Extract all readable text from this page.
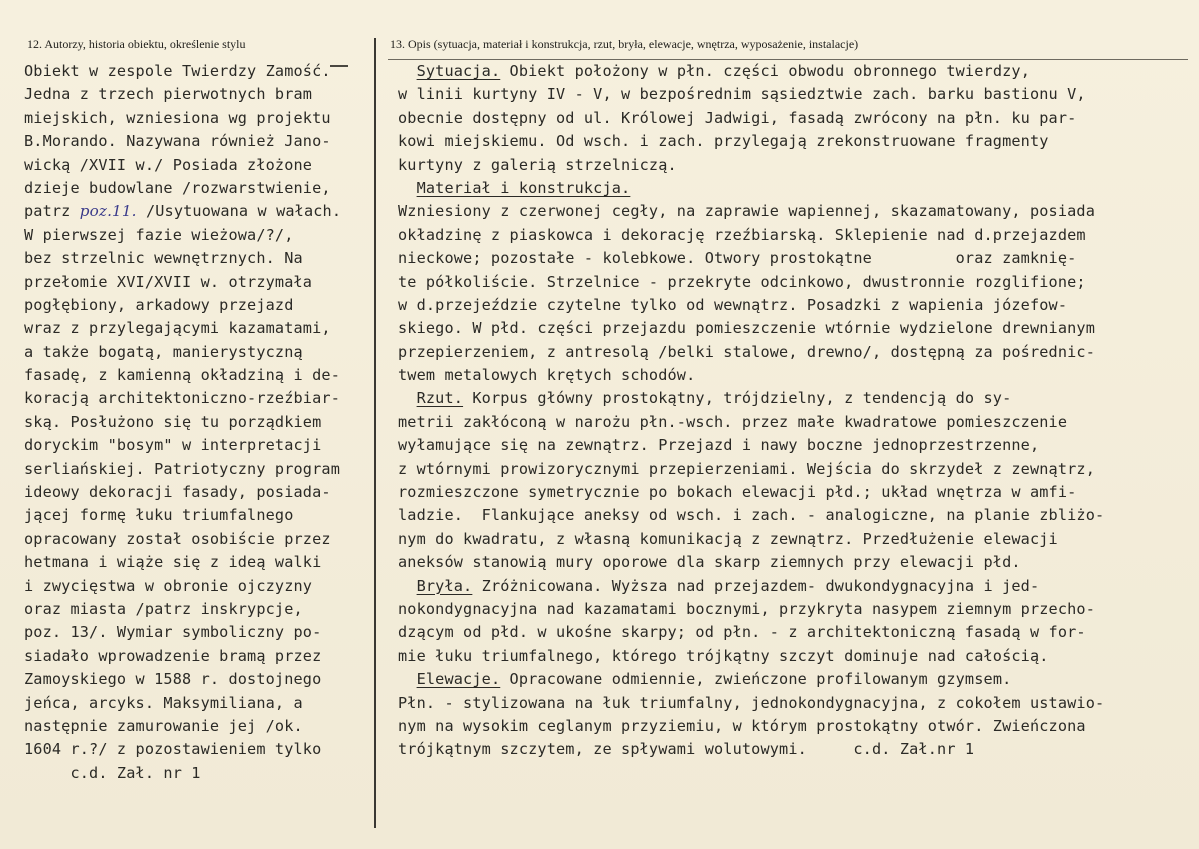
12. Autorzy, historia obiektu, określenie stylu	13. Opis (sytuacja, materiał i konstrukcja, rzut, bryła, elewacje, wnętrza, wyposażenie, instalacje)
Obiekt w zespole Twierdzy Zamość.
Jedna z trzech pierwotnych bram
miejskich, wzniesiona wg projektu
B.Morando. Nazywana również Jano-
wicką /XVII w./ Posiada złożone
dzieje budowlane /rozwarstwienie,
patrz poz.11. /Usytuowana w wałach.
W pierwszej fazie wieżowa/?/,
bez strzelnic wewnętrznych. Na
przełomie XVI/XVII w. otrzymała
pogłębiony, arkadowy przejazd
wraz z przylegającymi kazamatami,
a także bogatą, manierystyczną
fasadę, z kamienną okładziną i de-
koracją architektoniczno-rzeźbiar-
ską. Posłużono się tu porządkiem
doryckim "bosym" w interpretacji
serliańskiej. Patriotyczny program
ideowy dekoracji fasady, posiada-
jącej formę łuku triumfalnego
opracowany został osobiście przez
hetmana i wiąże się z ideą walki
i zwycięstwa w obronie ojczyzny
oraz miasta /patrz inskrypcje,
poz. 13/. Wymiar symboliczny po-
siadało wprowadzenie bramą przez
Zamoyskiego w 1588 r. dostojnego
jeńca, arcyks. Maksymiliana, a
następnie zamurowanie jej /ok.
1604 r.?/ z pozostawieniem tylko
c.d. Zał. nr 1
Sytuacja. Obiekt położony w płn. części obwodu obronnego twierdzy,
w linii kurtyny IV - V, w bezpośrednim sąsiedztwie zach. barku bastionu V,
obecnie dostępny od ul. Królowej Jadwigi, fasadą zwrócony na płn. ku par-
kowi miejskiemu. Od wsch. i zach. przylegają zrekonstruowane fragmenty
kurtyny z galerią strzelniczą.
Materiał i konstrukcja.
Wzniesiony z czerwonej cegły, na zaprawie wapiennej, skazamatowany, posiada
okładzinę z piaskowca i dekorację rzeźbiarską. Sklepienie nad d.przejazdem
nieckowe; pozostałe - kolebkowe. Otwory prostokątne         oraz zamknię-
te półkoliście. Strzelnice - przekryte odcinkowo, dwustronnie rozglifione;
w d.przejeździe czytelne tylko od wewnątrz. Posadzki z wapienia józefow-
skiego. W płd. części przejazdu pomieszczenie wtórnie wydzielone drewnianym
przepierzeniem, z antresolą /belki stalowe, drewno/, dostępną za pośrednic-
twem metalowych krętych schodów.
Rzut. Korpus główny prostokątny, trójdzielny, z tendencją do sy-
metrii zakłóconą w narożu płn.-wsch. przez małe kwadratowe pomieszczenie
wyłamujące się na zewnątrz. Przejazd i nawy boczne jednoprzestrzenne,
z wtórnymi prowizorycznymi przepierzeniami. Wejścia do skrzydeł z zewnątrz,
rozmieszczone symetrycznie po bokach elewacji płd.; układ wnętrza w amfi-
ladzie.  Flankujące aneksy od wsch. i zach. - analogiczne, na planie zbliżo-
nym do kwadratu, z własną komunikacją z zewnątrz. Przedłużenie elewacji
aneksów stanowią mury oporowe dla skarp ziemnych przy elewacji płd.
Bryła. Zróżnicowana. Wyższa nad przejazdem- dwukondygnacyjna i jed-
nokondygnacyjna nad kazamatami bocznymi, przykryta nasypem ziemnym przecho-
dzącym od płd. w ukośne skarpy; od płn. - z architektoniczną fasadą w for-
mie łuku triumfalnego, którego trójkątny szczyt dominuje nad całością.
Elewacje. Opracowane odmiennie, zwieńczone profilowanym gzymsem.
Płn. - stylizowana na łuk triumfalny, jednokondygnacyjna, z cokołem ustawio-
nym na wysokim ceglanym przyziemiu, w którym prostokątny otwór. Zwieńczona
trójkątnym szczytem, ze spływami wolutowymi.     c.d. Zał.nr 1
